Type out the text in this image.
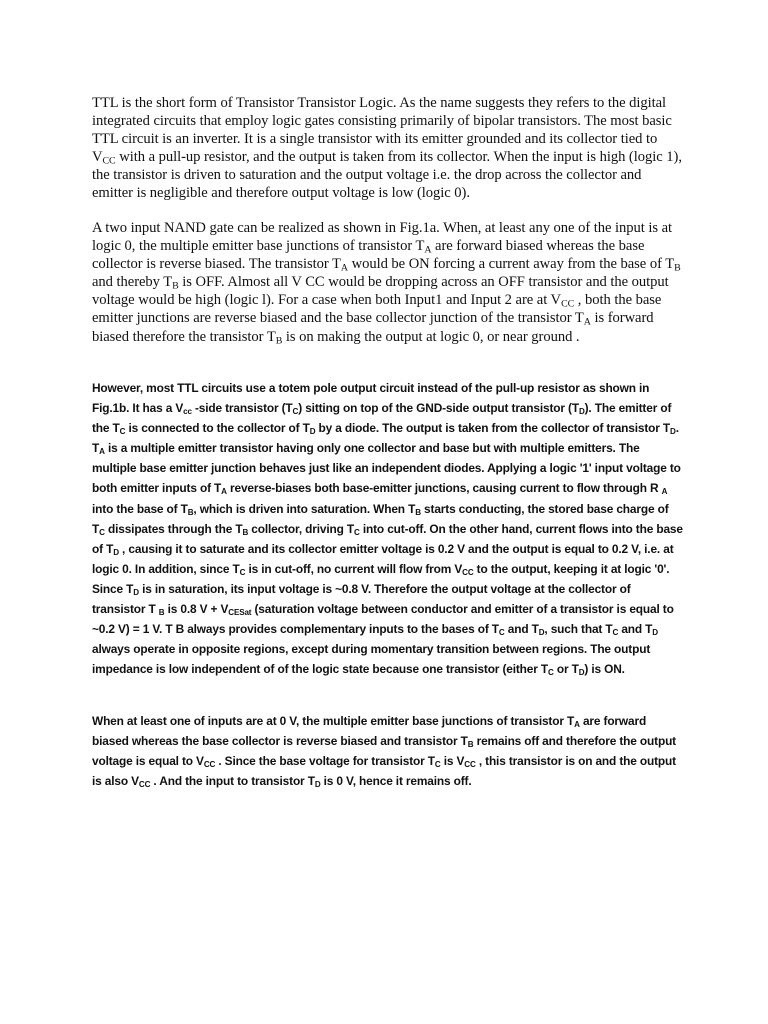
TTL is the short form of Transistor Transistor Logic. As the name suggests they refers to the digital integrated circuits that employ logic gates consisting primarily of bipolar transistors. The most basic TTL circuit is an inverter. It is a single transistor with its emitter grounded and its collector tied to $V_{CC}$ with a pull-up resistor, and the output is taken from its collector. When the input is high (logic 1), the transistor is driven to saturation and the output voltage i.e. the drop across the collector and emitter is negligible and therefore output voltage is low (logic 0).

A two input NAND gate can be realized as shown in Fig.1a. When, at least any one of the input is at logic 0, the multiple emitter base junctions of transistor $T_A$ are forward biased whereas the base collector is reverse biased. The transistor $T_A$ would be ON forcing a current away from the base of $T_B$ and thereby $T_B$ is OFF. Almost all V CC would be dropping across an OFF transistor and the output voltage would be high (logic l). For a case when both Input1 and Input 2 are at $V_{CC}$ , both the base emitter junctions are reverse biased and the base collector junction of the transistor $T_A$ is forward biased therefore the transistor $T_B$ is on making the output at logic 0, or near ground .

However, most TTL circuits use a totem pole output circuit instead of the pull-up resistor as shown in Fig.1b. It has a $V_{cc}$ -side transistor $(T_C)$ sitting on top of the GND-side output transistor $(T_D)$. The emitter of the $T_C$ is connected to the collector of $T_D$ by a diode. The output is taken from the collector of transistor $T_D$. $T_A$ is a multiple emitter transistor having only one collector and base but with multiple emitters. The multiple base emitter junction behaves just like an independent diodes. Applying a logic '1' input voltage to both emitter inputs of $T_A$ reverse-biases both base-emitter junctions, causing current to flow through R $_A$ into the base of $T_B$, which is driven into saturation. When $T_B$ starts conducting, the stored base charge of $T_C$ dissipates through the $T_B$ collector, driving $T_C$ into cut-off. On the other hand, current flows into the base of $T_D$ , causing it to saturate and its collector emitter voltage is 0.2 V and the output is equal to 0.2 V, i.e. at logic 0. In addition, since $T_C$ is in cut-off, no current will flow from $V_{CC}$ to the output, keeping it at logic '0'. Since $T_D$ is in saturation, its input voltage is ~0.8 V. Therefore the output voltage at the collector of transistor T $_B$ is 0.8 $V + V_{CESat}$ (saturation voltage between conductor and emitter of a transistor is equal to ~0.2 V) = 1 V. T B always provides complementary inputs to the bases of $T_C$ and $T_D$, such that $T_C$ and $T_D$ always operate in opposite regions, except during momentary transition between regions. The output impedance is low independent of of the logic state because one transistor (either $T_C$ or $T_D$) is ON.

When at least one of inputs are at 0 V, the multiple emitter base junctions of transistor $T_A$ are forward biased whereas the base collector is reverse biased and transistor $T_B$ remains off and therefore the output voltage is equal to $V_{CC}$ . Since the base voltage for transistor $T_C$ is $V_{CC}$ , this transistor is on and the output is also $V_{CC}$ . And the input to transistor $T_D$ is 0 V, hence it remains off.
